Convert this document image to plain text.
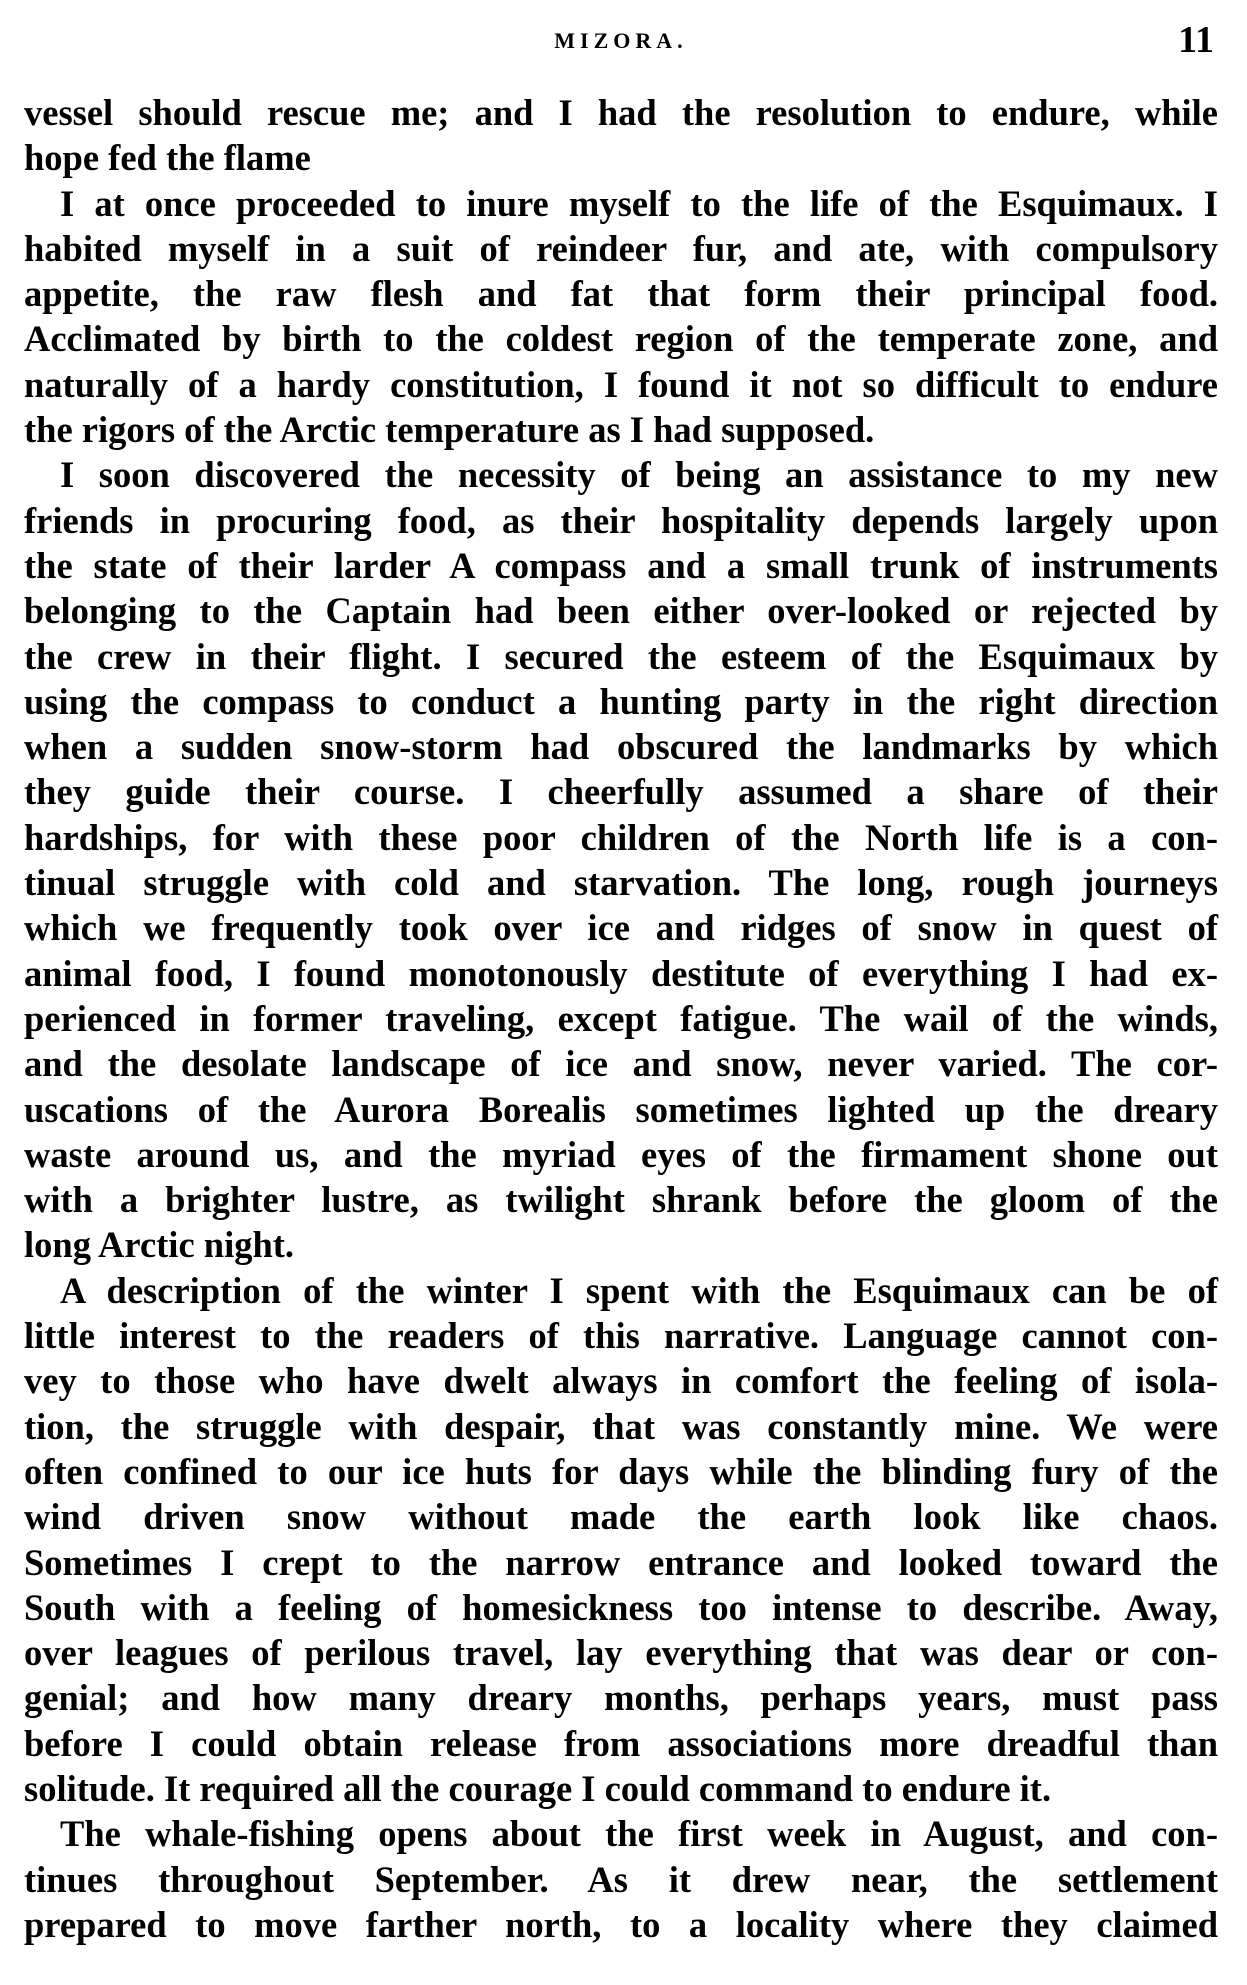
MIZORA.	11

vessel should rescue me; and I had the resolution to endure, while

hope fed the flame

I at once proceeded to inure myself to the life of the Esquimaux. I

habited myself in a suit of reindeer fur, and ate, with compulsory

appetite, the raw flesh and fat that form their principal food.

Acclimated by birth to the coldest region of the temperate zone, and

naturally of a hardy constitution, I found it not so difficult to endure

the rigors of the Arctic temperature as I had supposed.

I soon discovered the necessity of being an assistance to my new

friends in procuring food, as their hospitality depends largely upon

the state of their larder A compass and a small trunk of instruments

belonging to the Captain had been either over-looked or rejected by

the crew in their flight. I secured the esteem of the Esquimaux by

using the compass to conduct a hunting party in the right direction

when a sudden snow-storm had obscured the landmarks by which

they guide their course. I cheerfully assumed a share of their

hardships, for with these poor children of the North life is a con-

tinual struggle with cold and starvation. The long, rough journeys

which we frequently took over ice and ridges of snow in quest of

animal food, I found monotonously destitute of everything I had ex-

perienced in former traveling, except fatigue. The wail of the winds,

and the desolate landscape of ice and snow, never varied. The cor-

uscations of the Aurora Borealis sometimes lighted up the dreary

waste around us, and the myriad eyes of the firmament shone out

with a brighter lustre, as twilight shrank before the gloom of the

long Arctic night.

A description of the winter I spent with the Esquimaux can be of

little interest to the readers of this narrative. Language cannot con-

vey to those who have dwelt always in comfort the feeling of isola-

tion, the struggle with despair, that was constantly mine. We were

often confined to our ice huts for days while the blinding fury of the

wind driven snow without made the earth look like chaos.

Sometimes I crept to the narrow entrance and looked toward the

South with a feeling of homesickness too intense to describe. Away,

over leagues of perilous travel, lay everything that was dear or con-

genial; and how many dreary months, perhaps years, must pass

before I could obtain release from associations more dreadful than

solitude. It required all the courage I could command to endure it.

The whale-fishing opens about the first week in August, and con-

tinues throughout September. As it drew near, the settlement

prepared to move farther north, to a locality where they claimed
